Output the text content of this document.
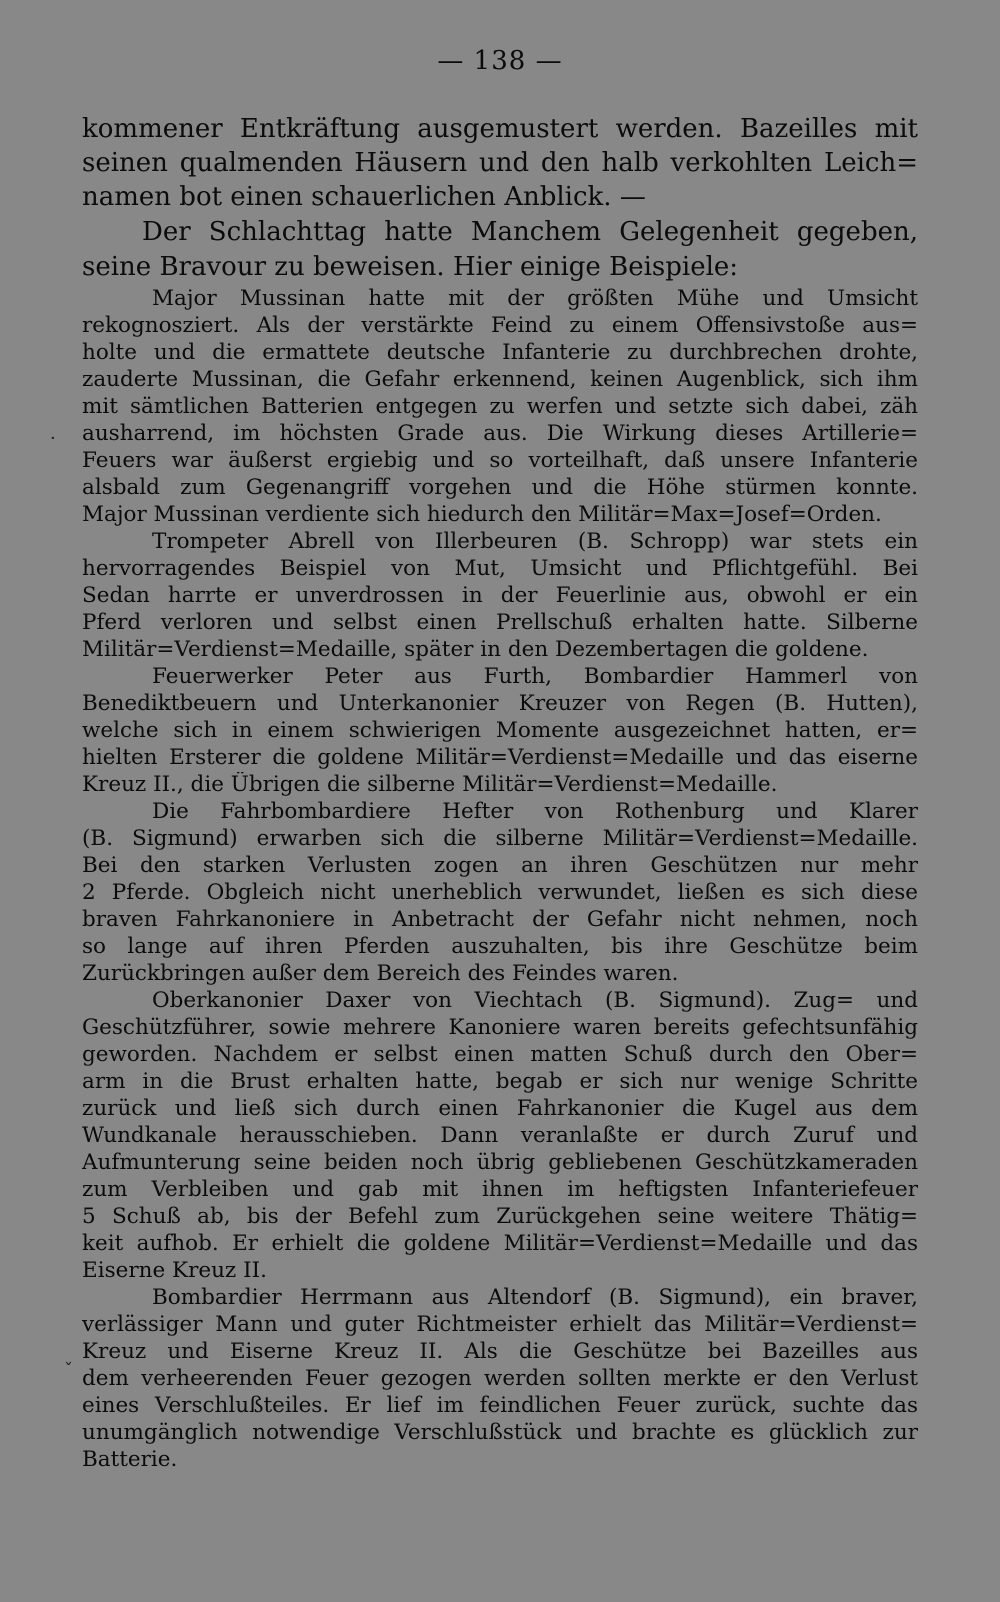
— 138 —
kommener Entkräftung ausgemustert werden. Bazeilles mit
seinen qualmenden Häusern und den halb verkohlten Leich=
namen bot einen schauerlichen Anblick. —
Der Schlachttag hatte Manchem Gelegenheit gegeben,
seine Bravour zu beweisen. Hier einige Beispiele:
Major Mussinan hatte mit der größten Mühe und Umsicht
rekognosziert. Als der verstärkte Feind zu einem Offensivstoße aus=
holte und die ermattete deutsche Infanterie zu durchbrechen drohte,
zauderte Mussinan, die Gefahr erkennend, keinen Augenblick, sich ihm
mit sämtlichen Batterien entgegen zu werfen und setzte sich dabei, zäh
ausharrend, im höchsten Grade aus. Die Wirkung dieses Artillerie=
Feuers war äußerst ergiebig und so vorteilhaft, daß unsere Infanterie
alsbald zum Gegenangriff vorgehen und die Höhe stürmen konnte.
Major Mussinan verdiente sich hiedurch den Militär=Max=Josef=Orden.
Trompeter Abrell von Illerbeuren (B. Schropp) war stets ein
hervorragendes Beispiel von Mut, Umsicht und Pflichtgefühl. Bei
Sedan harrte er unverdrossen in der Feuerlinie aus, obwohl er ein
Pferd verloren und selbst einen Prellschuß erhalten hatte. Silberne
Militär=Verdienst=Medaille, später in den Dezembertagen die goldene.
Feuerwerker Peter aus Furth, Bombardier Hammerl von
Benediktbeuern und Unterkanonier Kreuzer von Regen (B. Hutten),
welche sich in einem schwierigen Momente ausgezeichnet hatten, er=
hielten Ersterer die goldene Militär=Verdienst=Medaille und das eiserne
Kreuz II., die Übrigen die silberne Militär=Verdienst=Medaille.
Die Fahrbombardiere Hefter von Rothenburg und Klarer
(B. Sigmund) erwarben sich die silberne Militär=Verdienst=Medaille.
Bei den starken Verlusten zogen an ihren Geschützen nur mehr
2 Pferde. Obgleich nicht unerheblich verwundet, ließen es sich diese
braven Fahrkanoniere in Anbetracht der Gefahr nicht nehmen, noch
so lange auf ihren Pferden auszuhalten, bis ihre Geschütze beim
Zurückbringen außer dem Bereich des Feindes waren.
Oberkanonier Daxer von Viechtach (B. Sigmund). Zug= und
Geschützführer, sowie mehrere Kanoniere waren bereits gefechtsunfähig
geworden. Nachdem er selbst einen matten Schuß durch den Ober=
arm in die Brust erhalten hatte, begab er sich nur wenige Schritte
zurück und ließ sich durch einen Fahrkanonier die Kugel aus dem
Wundkanale herausschieben. Dann veranlaßte er durch Zuruf und
Aufmunterung seine beiden noch übrig gebliebenen Geschützkameraden
zum Verbleiben und gab mit ihnen im heftigsten Infanteriefeuer
5 Schuß ab, bis der Befehl zum Zurückgehen seine weitere Thätig=
keit aufhob. Er erhielt die goldene Militär=Verdienst=Medaille und das
Eiserne Kreuz II.
Bombardier Herrmann aus Altendorf (B. Sigmund), ein braver,
verlässiger Mann und guter Richtmeister erhielt das Militär=Verdienst=
Kreuz und Eiserne Kreuz II. Als die Geschütze bei Bazeilles aus
dem verheerenden Feuer gezogen werden sollten merkte er den Verlust
eines Verschlußteiles. Er lief im feindlichen Feuer zurück, suchte das
unumgänglich notwendige Verschlußstück und brachte es glücklich zur
Batterie.
·
ˇ
